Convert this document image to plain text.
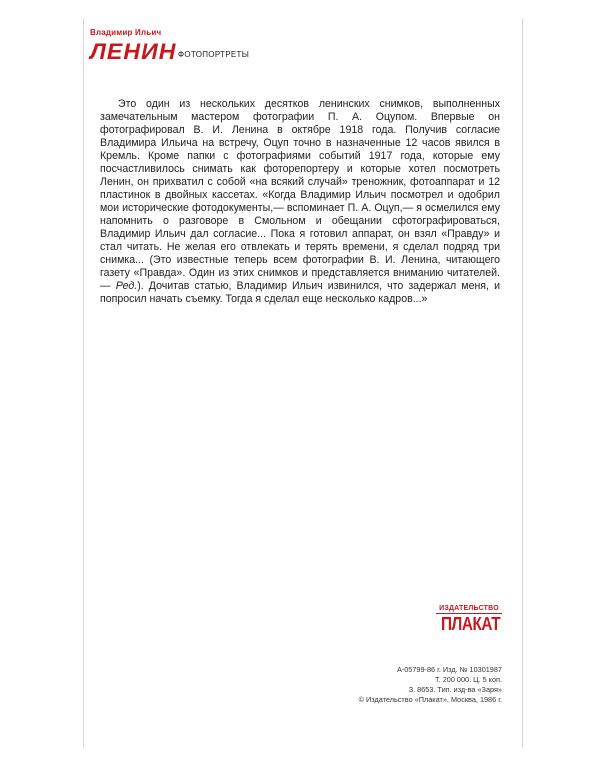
Владимир Ильич
ЛЕНИН ФОТОПОРТРЕТЫ

Это один из нескольких десятков ленинских снимков, выполненных замечательным мастером фотографии П. А. Оцупом. Впервые он фотографировал В. И. Ленина в октябре 1918 года. Получив согласие Владимира Ильича на встречу, Оцуп точно в назначенные 12 часов явился в Кремль. Кроме папки с фотографиями событий 1917 года, которые ему посчастливилось снимать как фоторепортеру и которые хотел посмотреть Ленин, он прихватил с собой «на всякий случай» треножник, фотоаппарат и 12 пластинок в двойных кассетах. «Когда Владимир Ильич посмотрел и одобрил мои исторические фотодокументы,— вспоминает П. А. Оцуп,— я осмелился ему напомнить о разговоре в Смольном и обещании сфотографироваться, Владимир Ильич дал согласие... Пока я готовил аппарат, он взял «Правду» и стал читать. Не желая его отвлекать и терять времени, я сделал подряд три снимка... (Это известные теперь всем фотографии В. И. Ленина, читающего газету «Правда». Один из этих снимков и представляется вниманию читателей.— Ред.). Дочитав статью, Владимир Ильич извинился, что задержал меня, и попросил начать съемку. Тогда я сделал еще несколько кадров...»

ИЗДАТЕЛЬСТВО
ПЛАКАТ
А-05799-86 г. Изд. № 10301987
Т. 200 000. Ц. 5 коп.
З. 8653. Тип. изд-ва «Заря»
© Издательство «Плакат», Москва, 1986 г.
